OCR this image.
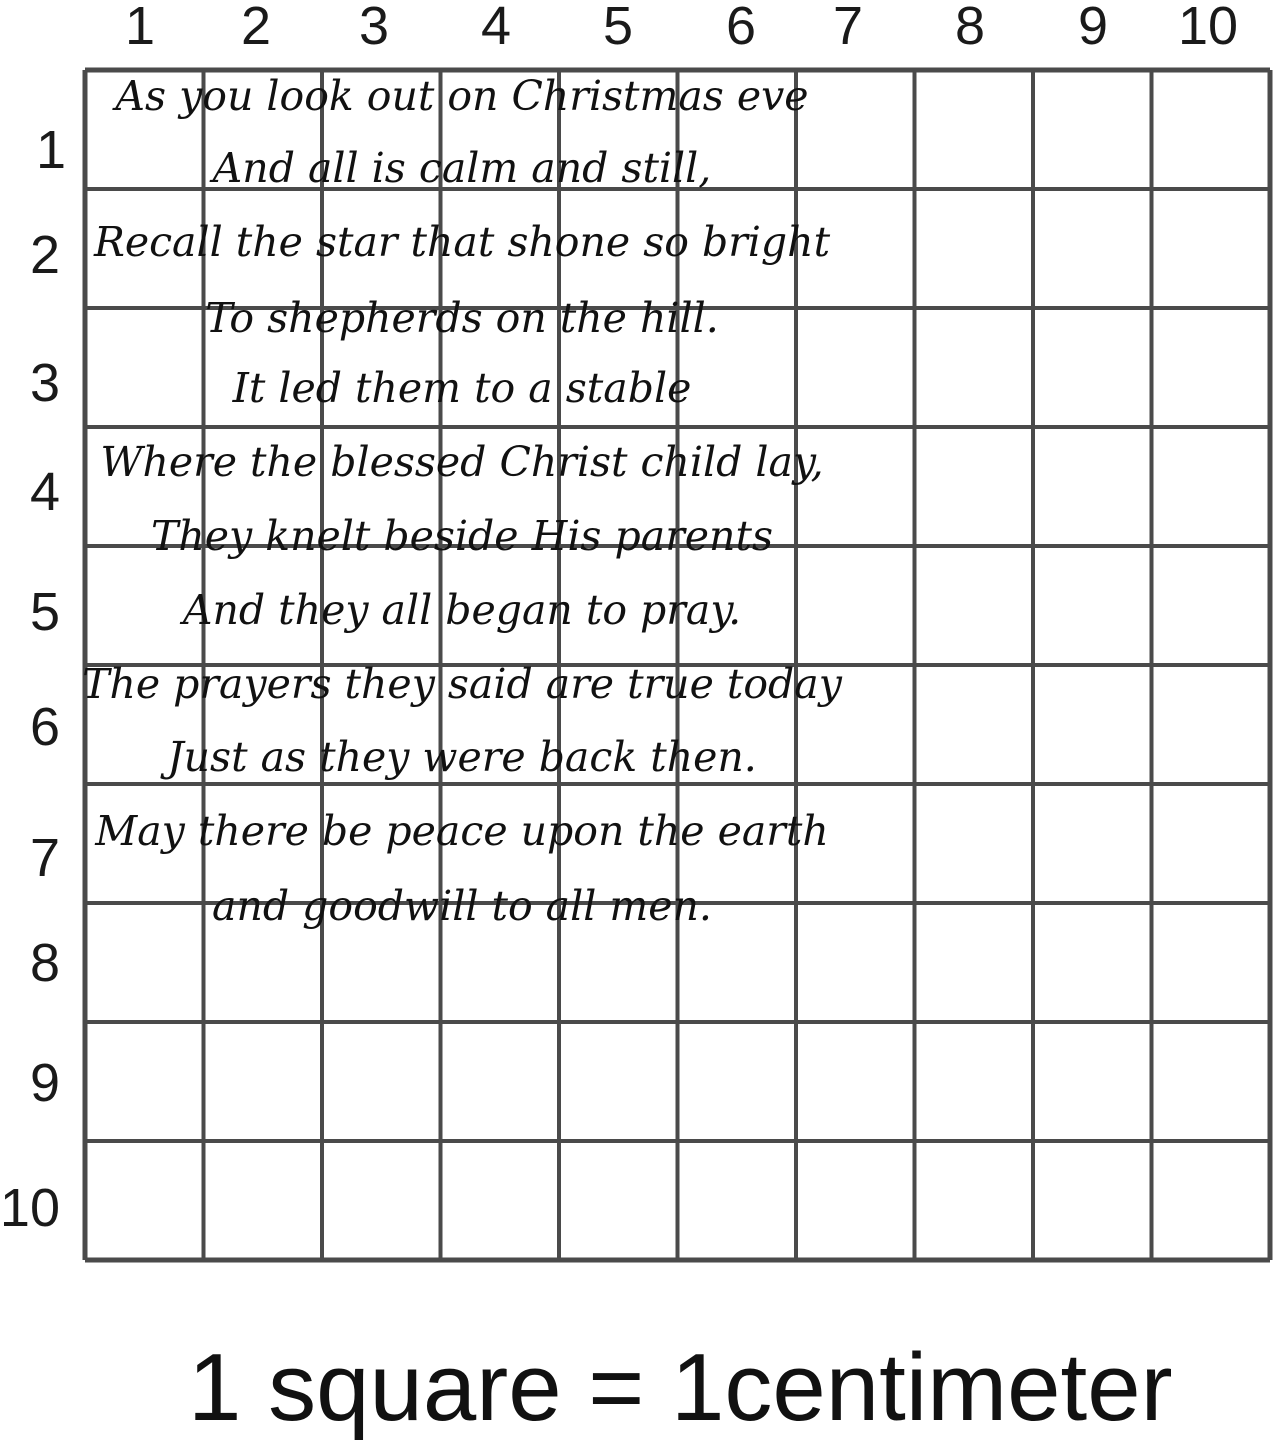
1 2 3 4 5 6 7 8 9 10
1
2
3
4
5
6
7
8
9
10
As you look out on Christmas eve
And all is calm and still,
Recall the star that shone so bright
To shepherds on the hill.
It led them to a stable
Where the blessed Christ child lay,
They knelt beside His parents
And they all began to pray.
The prayers they said are true today
Just as they were back then.
May there be peace upon the earth
and goodwill to all men.
1 square = 1centimeter
